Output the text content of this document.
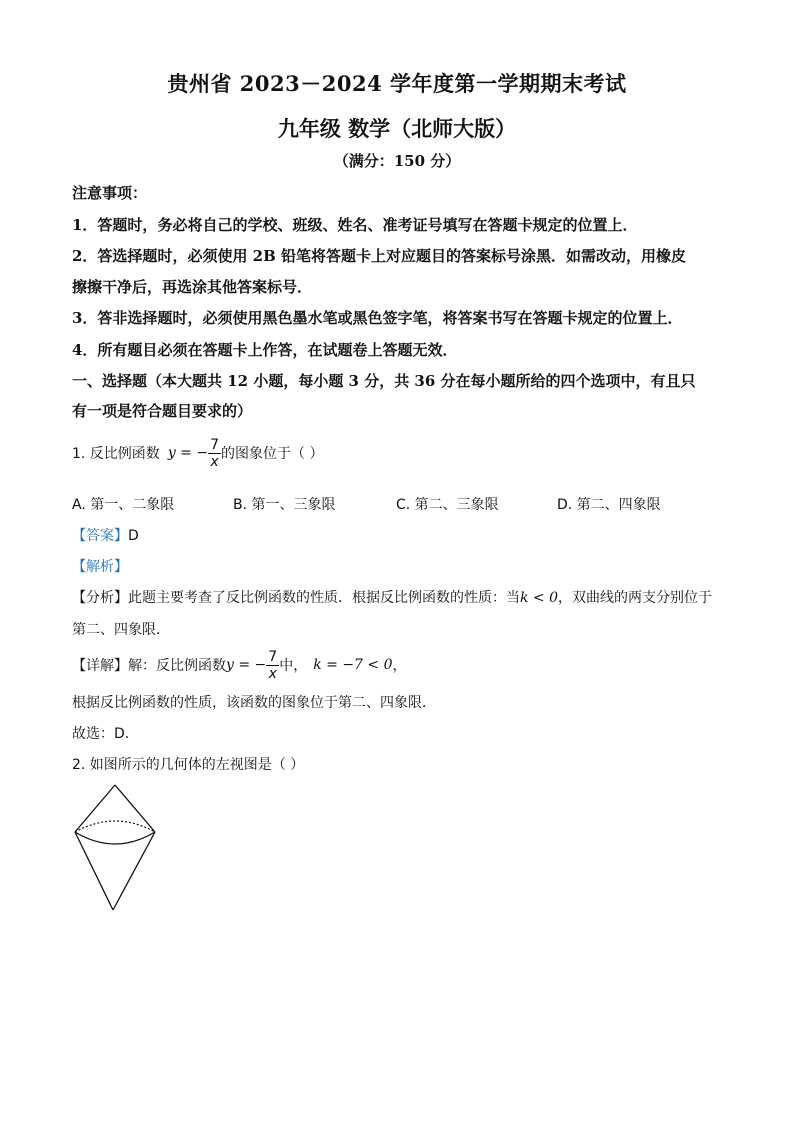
贵州省 2023－2024 学年度第一学期期末考试
九年级 数学（北师大版）
（满分：150 分）
注意事项：
1．答题时，务必将自己的学校、班级、姓名、准考证号填写在答题卡规定的位置上．
2．答选择题时，必须使用 2B 铅笔将答题卡上对应题目的答案标号涂黑．如需改动，用橡皮
擦擦干净后，再选涂其他答案标号．
3．答非选择题时，必须使用黑色墨水笔或黑色签字笔，将答案书写在答题卡规定的位置上．
4．所有题目必须在答题卡上作答，在试题卷上答题无效．
一、选择题（本大题共 12 小题，每小题 3 分，共 36 分在每小题所给的四个选项中，有且只
有一项是符合题目要求的）
1. 反比例函数 y = − $\frac{7}{x}$ 的图象位于（ ）
A. 第一、二象限	B. 第一、三象限	C. 第二、三象限	D. 第二、四象限
【答案】D
【解析】
【分析】此题主要考查了反比例函数的性质．根据反比例函数的性质：当k < 0，双曲线的两支分别位于
第二、四象限．
【详解】 解：反比例函数 y = − $\frac{7}{x}$ 中， k = −7 < 0 ，
根据反比例函数的性质，该函数的图象位于第二、四象限．
故选：D．
2. 如图所示的几何体的左视图是（ ）
